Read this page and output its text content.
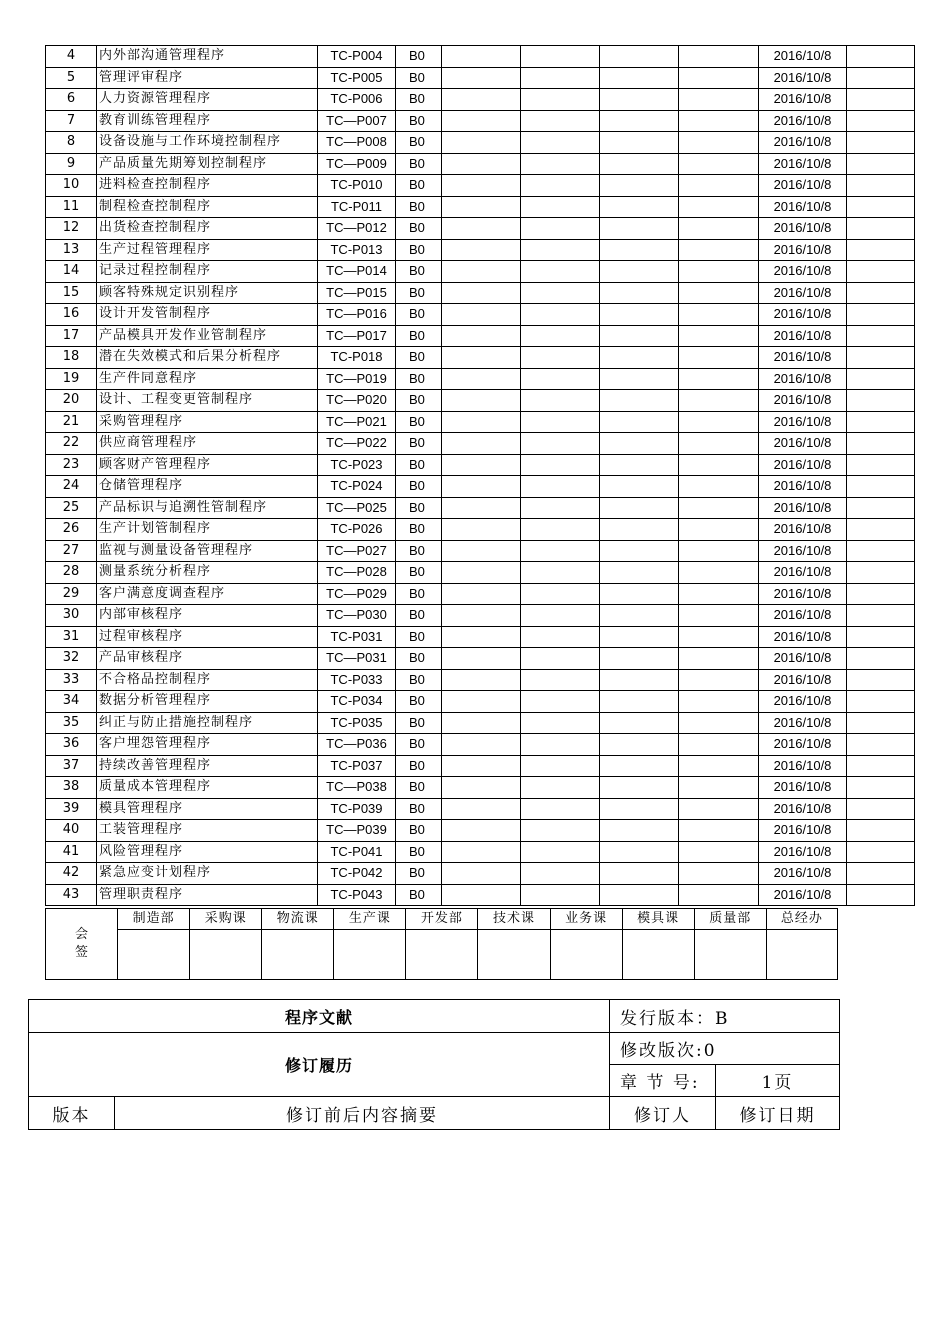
4	内外部沟通管理程序	TC-P004	B0					2016/10/8	
5	管理评审程序	TC-P005	B0					2016/10/8	
6	人力资源管理程序	TC-P006	B0					2016/10/8	
7	教育训练管理程序	TC—P007	B0					2016/10/8	
8	设备设施与工作环境控制程序	TC—P008	B0					2016/10/8	
9	产品质量先期筹划控制程序	TC—P009	B0					2016/10/8	
10	进料检查控制程序	TC-P010	B0					2016/10/8	
11	制程检查控制程序	TC-P011	B0					2016/10/8	
12	出货检查控制程序	TC—P012	B0					2016/10/8	
13	生产过程管理程序	TC-P013	B0					2016/10/8	
14	记录过程控制程序	TC—P014	B0					2016/10/8	
15	顾客特殊规定识别程序	TC—P015	B0					2016/10/8	
16	设计开发管制程序	TC—P016	B0					2016/10/8	
17	产品模具开发作业管制程序	TC—P017	B0					2016/10/8	
18	潜在失效模式和后果分析程序	TC-P018	B0					2016/10/8	
19	生产件同意程序	TC—P019	B0					2016/10/8	
20	设计、工程变更管制程序	TC—P020	B0					2016/10/8	
21	采购管理程序	TC—P021	B0					2016/10/8	
22	供应商管理程序	TC—P022	B0					2016/10/8	
23	顾客财产管理程序	TC-P023	B0					2016/10/8	
24	仓储管理程序	TC-P024	B0					2016/10/8	
25	产品标识与追溯性管制程序	TC—P025	B0					2016/10/8	
26	生产计划管制程序	TC-P026	B0					2016/10/8	
27	监视与测量设备管理程序	TC—P027	B0					2016/10/8	
28	测量系统分析程序	TC—P028	B0					2016/10/8	
29	客户满意度调查程序	TC—P029	B0					2016/10/8	
30	内部审核程序	TC—P030	B0					2016/10/8	
31	过程审核程序	TC-P031	B0					2016/10/8	
32	产品审核程序	TC—P031	B0					2016/10/8	
33	不合格品控制程序	TC-P033	B0					2016/10/8	
34	数据分析管理程序	TC-P034	B0					2016/10/8	
35	纠正与防止措施控制程序	TC-P035	B0					2016/10/8	
36	客户埋怨管理程序	TC—P036	B0					2016/10/8	
37	持续改善管理程序	TC-P037	B0					2016/10/8	
38	质量成本管理程序	TC—P038	B0					2016/10/8	
39	模具管理程序	TC-P039	B0					2016/10/8	
40	工装管理程序	TC—P039	B0					2016/10/8	
41	风险管理程序	TC-P041	B0					2016/10/8	
42	紧急应变计划程序	TC-P042	B0					2016/10/8	
43	管理职责程序	TC-P043	B0					2016/10/8	
会签	制造部	采购课	物流课	生产课	开发部	技术课	业务课	模具课	质量部	总经办

程序文献		发行版本：B	
修订履历		修改版次:0	
		章 节 号:	1页
版本	修订前后内容摘要	修订人	修订日期
